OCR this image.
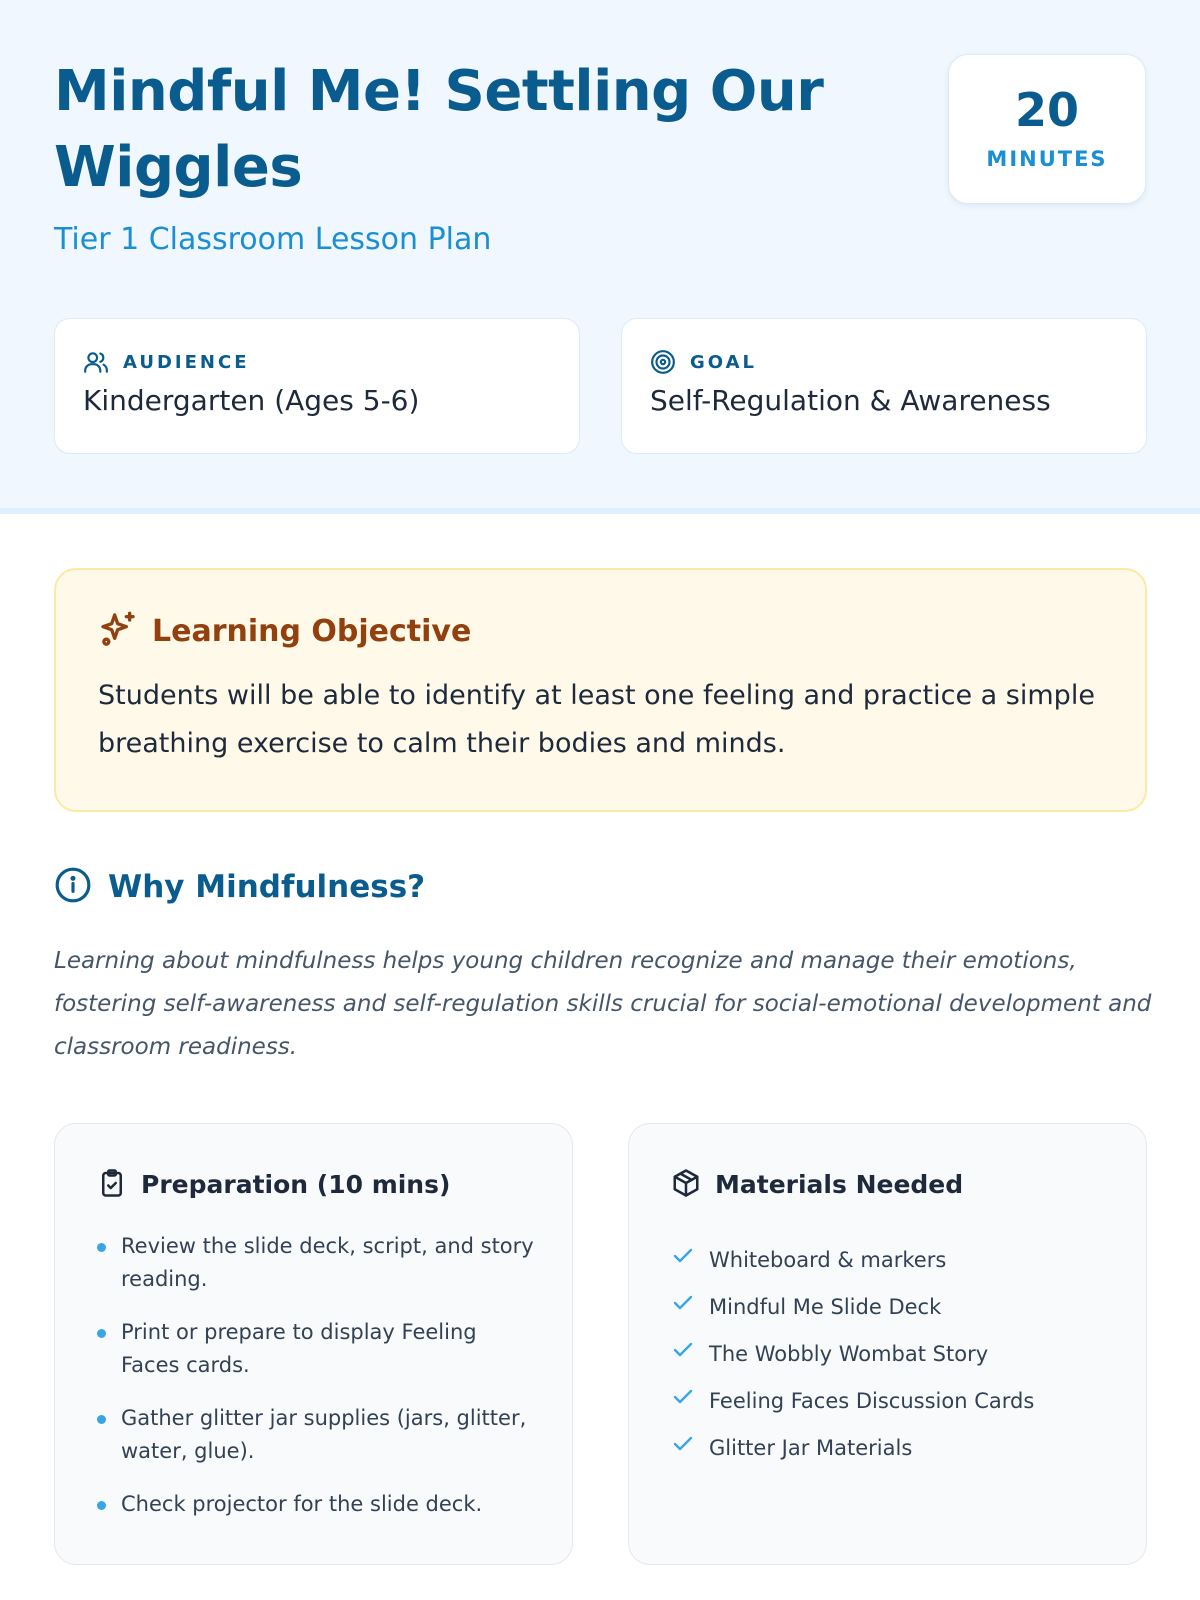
Mindful Me! Settling Our Wiggles
Tier 1 Classroom Lesson Plan
20
MINUTES
AUDIENCE
Kindergarten (Ages 5-6)
GOAL
Self-Regulation & Awareness
Learning Objective

Students will be able to identify at least one feeling and practice a simple breathing exercise to calm their bodies and minds.

Why Mindfulness?

Learning about mindfulness helps young children recognize and manage their emotions, fostering self-awareness and self-regulation skills crucial for social-emotional development and classroom readiness.

Preparation (10 mins)
Review the slide deck, script, and story reading.
Print or prepare to display Feeling Faces cards.
Gather glitter jar supplies (jars, glitter, water, glue).
Check projector for the slide deck.
Materials Needed
Whiteboard & markers
Mindful Me Slide Deck
The Wobbly Wombat Story
Feeling Faces Discussion Cards
Glitter Jar Materials
